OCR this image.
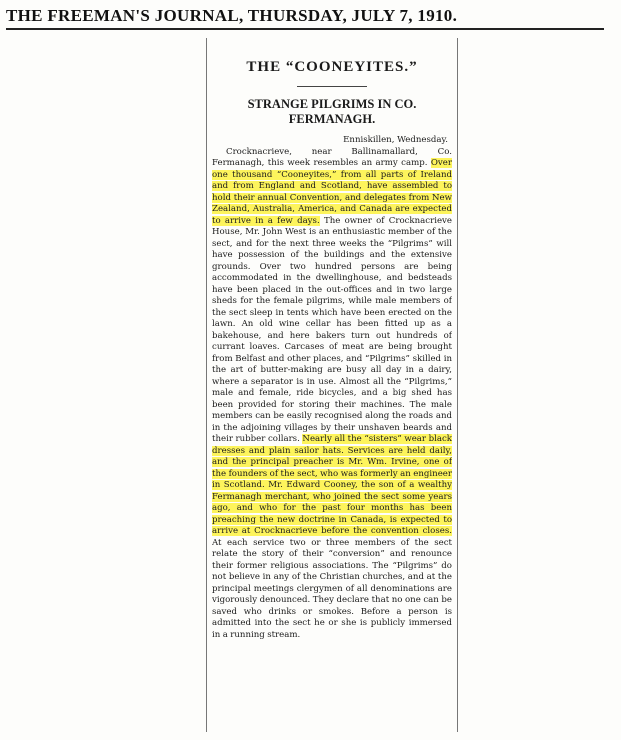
THE FREEMAN'S JOURNAL, THURSDAY, JULY 7, 1910.
THE “COONEYITES.”
STRANGE PILGRIMS IN CO. FERMANAGH.

Enniskillen, Wednesday.

Crocknacrieve, near Ballinamallard, Co. Fermanagh, this week resembles an army camp. Over one thousand “Cooneyites,” from all parts of Ireland and from England and Scotland, have assembled to hold their annual Convention, and delegates from New Zealand, Australia, America, and Canada are expected to arrive in a few days. The owner of Crocknacrieve House, Mr. John West is an enthusiastic member of the sect, and for the next three weeks the “Pilgrims” will have possession of the buildings and the extensive grounds. Over two hundred persons are being accommodated in the dwellinghouse, and bedsteads have been placed in the out-offices and in two large sheds for the female pilgrims, while male members of the sect sleep in tents which have been erected on the lawn. An old wine cellar has been fitted up as a bakehouse, and here bakers turn out hundreds of currant loaves. Carcases of meat are being brought from Belfast and other places, and “Pilgrims” skilled in the art of butter-making are busy all day in a dairy, where a separator is in use. Almost all the “Pilgrims,” male and female, ride bicycles, and a big shed has been provided for storing their machines. The male members can be easily recognised along the roads and in the adjoining villages by their unshaven beards and their rubber collars. Nearly all the “sisters” wear black dresses and plain sailor hats. Services are held daily, and the principal preacher is Mr. Wm. Irvine, one of the founders of the sect, who was formerly an engineer in Scotland. Mr. Edward Cooney, the son of a wealthy Fermanagh merchant, who joined the sect some years ago, and who for the past four months has been preaching the new doctrine in Canada, is expected to arrive at Crocknacrieve before the convention closes. At each service two or three members of the sect relate the story of their “conversion” and renounce their former religious associations. The “Pilgrims” do not believe in any of the Christian churches, and at the principal meetings clergymen of all denominations are vigorously denounced. They declare that no one can be saved who drinks or smokes. Before a person is admitted into the sect he or she is publicly immersed in a running stream.
